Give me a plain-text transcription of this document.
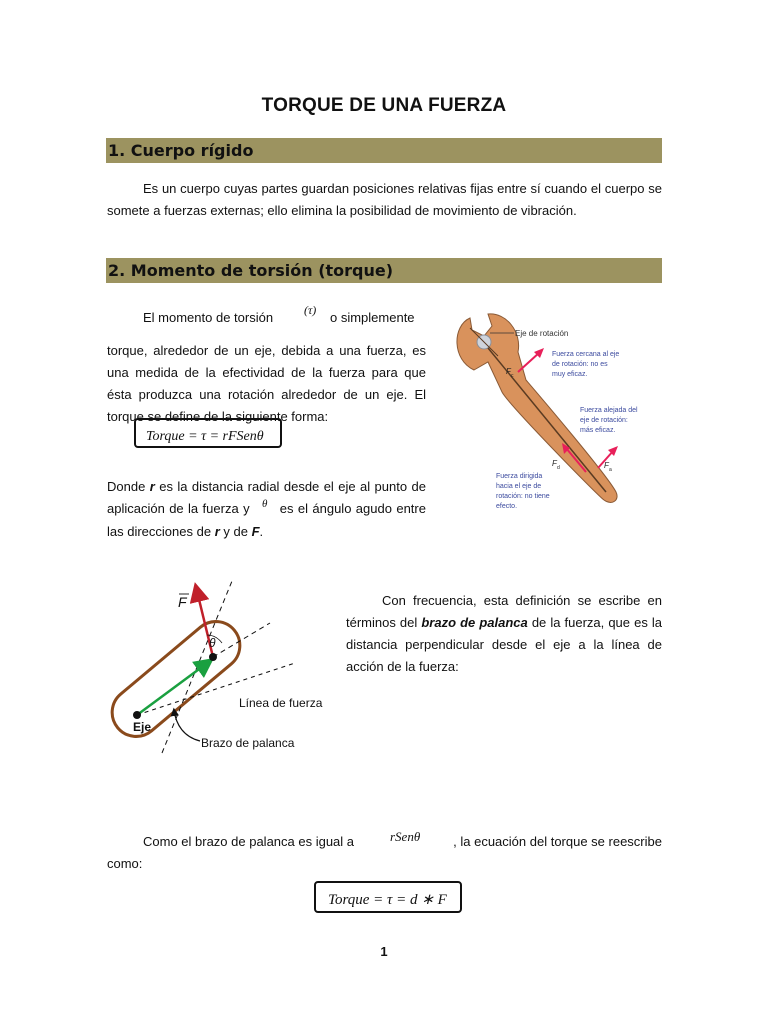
TORQUE DE UNA FUERZA
1. Cuerpo rígido
Es un cuerpo cuyas partes guardan posiciones relativas fijas entre sí cuando el cuerpo se somete a fuerzas externas; ello elimina la posibilidad de movimiento de vibración.
2. Momento de torsión (torque)
El momento de torsión	(τ) o simplemente
torque, alrededor de un eje, debida a una fuerza, es una medida de la efectividad de la fuerza para que ésta produzca una rotación alrededor de un eje. El torque se define de la siguiente forma:
Torque = τ = rFSenθ
Donde r es la distancia radial desde el eje al punto de aplicación de la fuerza y $^\theta$ es el ángulo agudo entre las direcciones de r y de F.
Eje de rotación
F c
Fuerza cercana al eje
de rotación: no es
muy eficaz.
F a
Fuerza alejada del
eje de rotación:
más eficaz.
F d
Fuerza dirigida
hacia el eje de
rotación: no tiene
efecto.
F
θ
Eje
Línea de fuerza
Brazo de palanca
Con frecuencia, esta definición se escribe en términos del brazo de palanca de la fuerza, que es la distancia perpendicular desde el eje a la línea de acción de la fuerza:
Como el brazo de palanca es igual a	rSenθ	, la ecuación del torque se reescribe
como:
Torque = τ = d ∗ F
1
